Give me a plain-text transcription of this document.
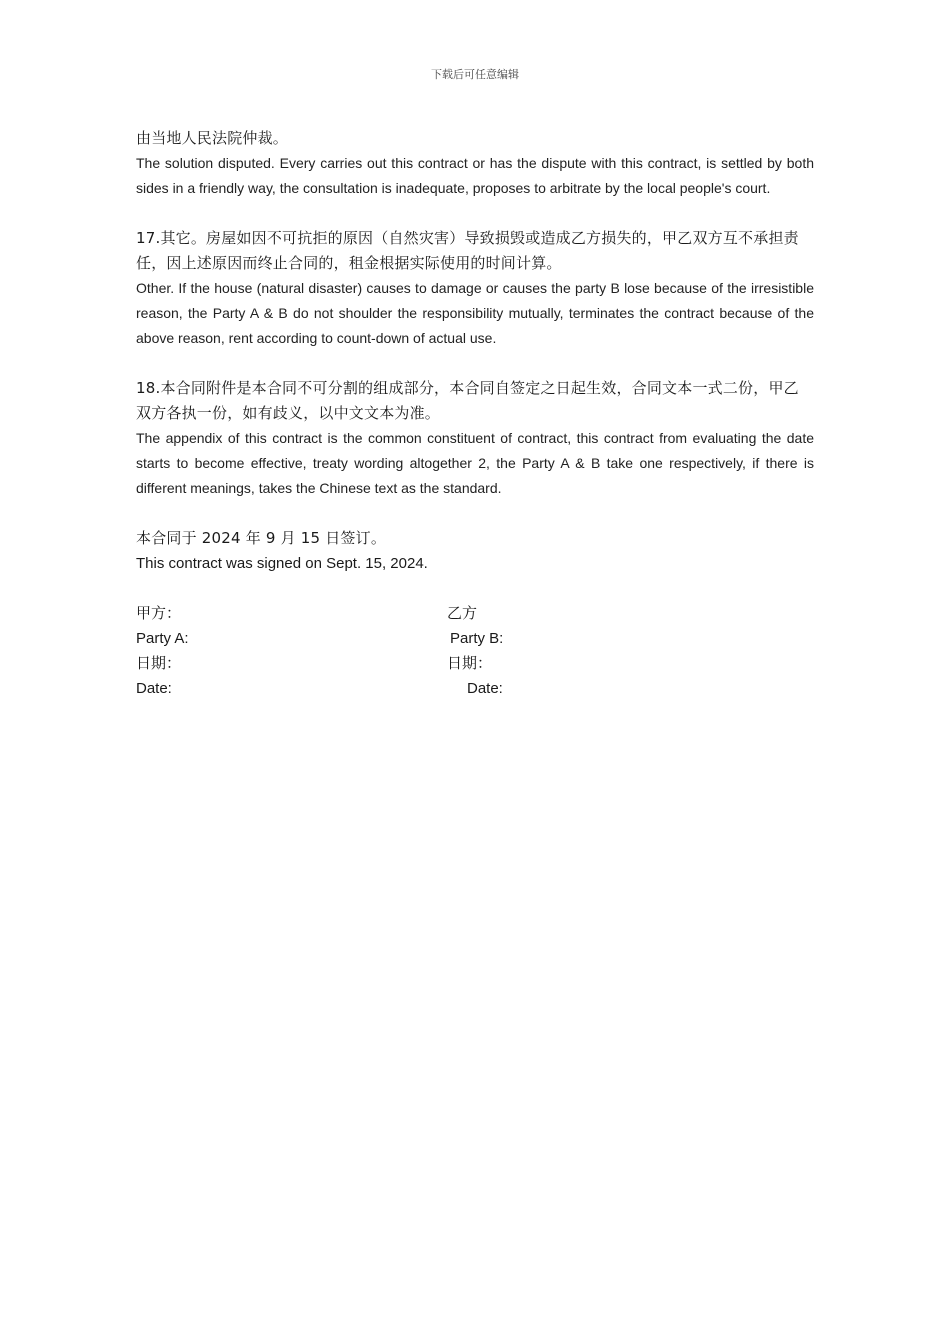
下载后可任意编辑

由当地人民法院仲裁。

The solution disputed. Every carries out this contract or has the dispute with this contract, is settled by both sides in a friendly way, the consultation is inadequate, proposes to arbitrate by the local people's court.

17.其它。房屋如因不可抗拒的原因（自然灾害）导致损毁或造成乙方损失的，甲乙双方互不承担责任，因上述原因而终止合同的，租金根据实际使用的时间计算。

Other. If the house (natural disaster) causes to damage or causes the party B lose because of the irresistible reason, the Party A & B do not shoulder the responsibility mutually, terminates the contract because of the above reason, rent according to count-down of actual use.

18.本合同附件是本合同不可分割的组成部分，本合同自签定之日起生效，合同文本一式二份，甲乙双方各执一份，如有歧义，以中文文本为准。

The appendix of this contract is the common constituent of contract, this contract from evaluating the date starts to become effective, treaty wording altogether 2, the Party A & B take one respectively, if there is different meanings, takes the Chinese text as the standard.

本合同于 2024 年 9 月 15 日签订。

This contract was signed on Sept. 15, 2024.

甲方：	乙方
Party A:	Party B:
日期：	日期：
Date:	Date:
